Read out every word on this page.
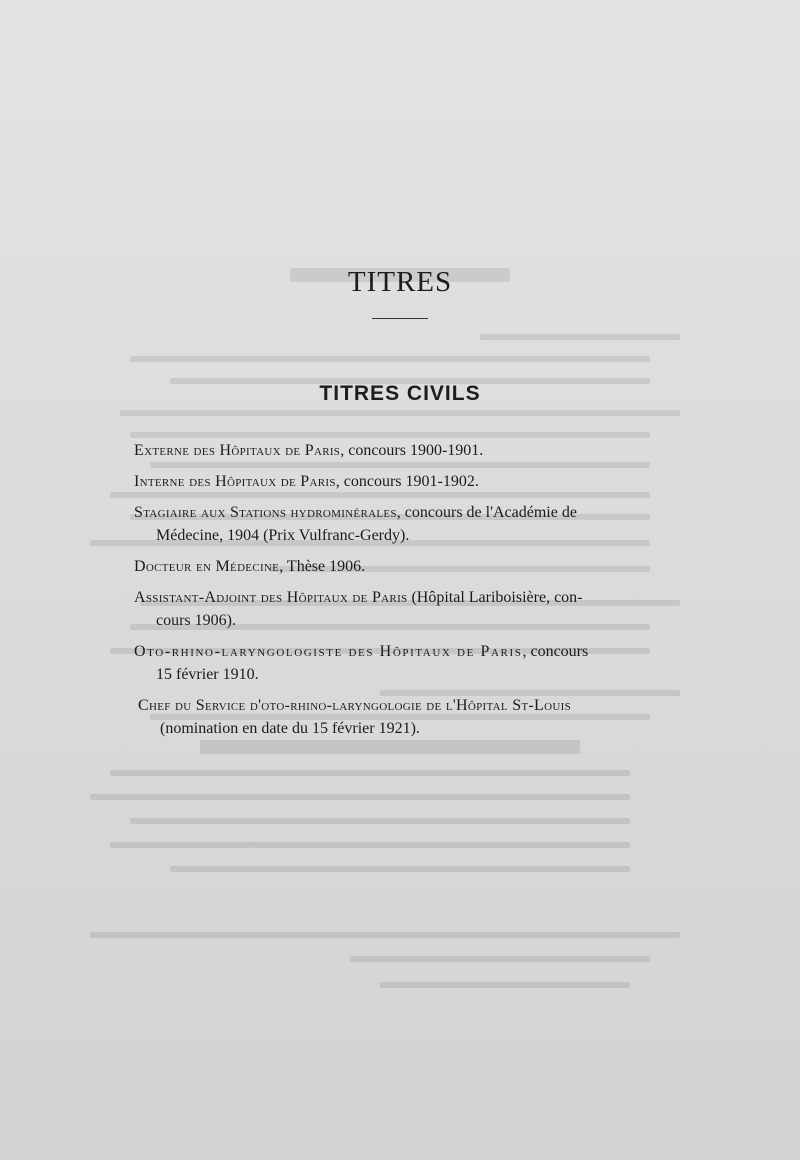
TITRES
TITRES CIVILS

Externe des Hôpitaux de Paris, concours 1900-1901.

Interne des Hôpitaux de Paris, concours 1901-1902.

Stagiaire aux Stations hydrominérales, concours de l'Académie de
Médecine, 1904 (Prix Vulfranc-Gerdy).

Docteur en Médecine, Thèse 1906.

Assistant-Adjoint des Hôpitaux de Paris (Hôpital Lariboisière, con-
cours 1906).

Oto-rhino-laryngologiste des Hôpitaux de Paris, concours
15 février 1910.

Chef du Service d'oto-rhino-laryngologie de l'Hôpital St-Louis
(nomination en date du 15 février 1921).
